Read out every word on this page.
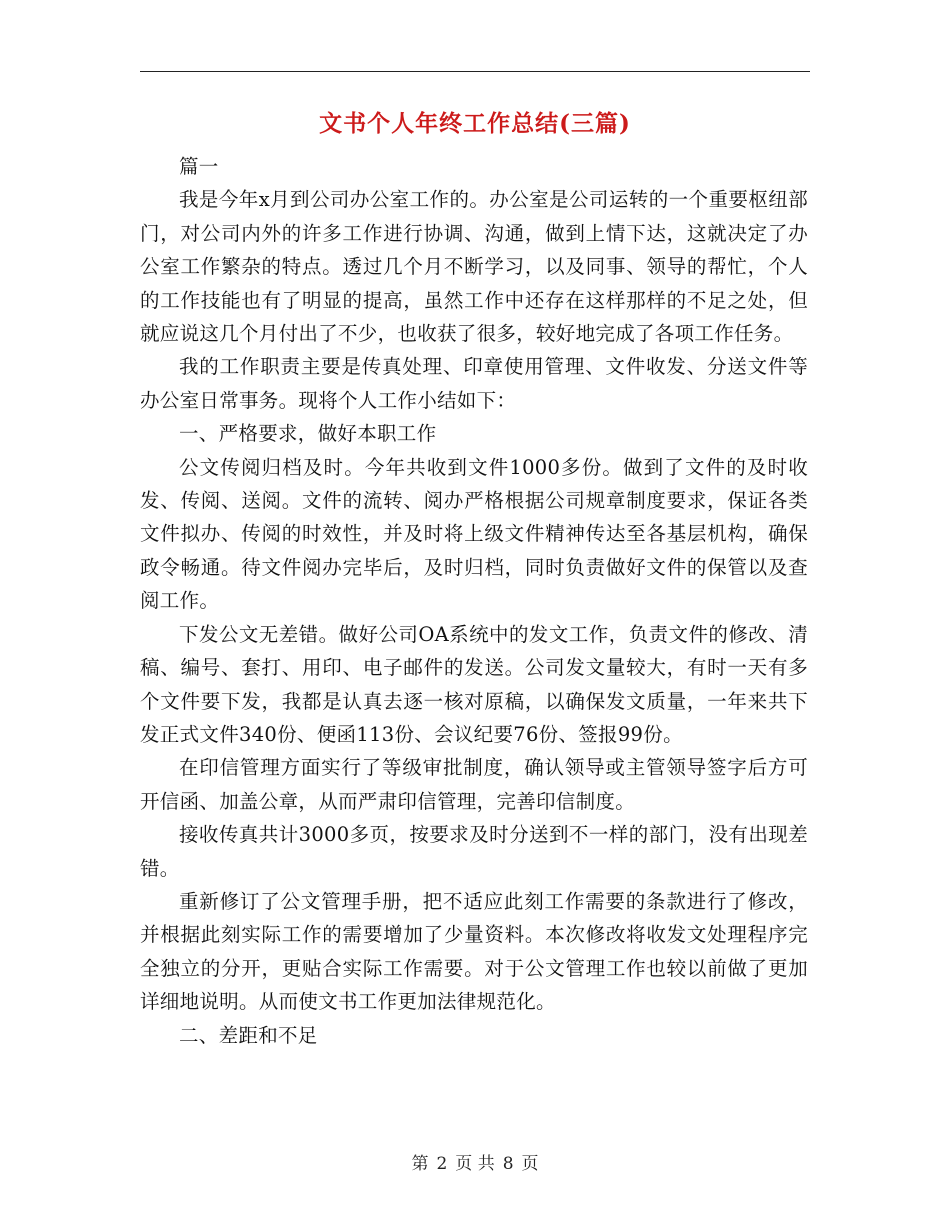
文书个人年终工作总结(三篇)

篇一

我是今年x月到公司办公室工作的。办公室是公司运转的一个重要枢纽部门，对公司内外的许多工作进行协调、沟通，做到上情下达，这就决定了办公室工作繁杂的特点。透过几个月不断学习，以及同事、领导的帮忙，个人的工作技能也有了明显的提高，虽然工作中还存在这样那样的不足之处，但就应说这几个月付出了不少，也收获了很多，较好地完成了各项工作任务。

我的工作职责主要是传真处理、印章使用管理、文件收发、分送文件等办公室日常事务。现将个人工作小结如下：

一、严格要求，做好本职工作

公文传阅归档及时。今年共收到文件1000多份。做到了文件的及时收发、传阅、送阅。文件的流转、阅办严格根据公司规章制度要求，保证各类文件拟办、传阅的时效性，并及时将上级文件精神传达至各基层机构，确保政令畅通。待文件阅办完毕后，及时归档，同时负责做好文件的保管以及查阅工作。

下发公文无差错。做好公司OA系统中的发文工作，负责文件的修改、清稿、编号、套打、用印、电子邮件的发送。公司发文量较大，有时一天有多个文件要下发，我都是认真去逐一核对原稿，以确保发文质量，一年来共下发正式文件340份、便函113份、会议纪要76份、签报99份。

在印信管理方面实行了等级审批制度，确认领导或主管领导签字后方可开信函、加盖公章，从而严肃印信管理，完善印信制度。

接收传真共计3000多页，按要求及时分送到不一样的部门，没有出现差错。

重新修订了公文管理手册，把不适应此刻工作需要的条款进行了修改，并根据此刻实际工作的需要增加了少量资料。本次修改将收发文处理程序完全独立的分开，更贴合实际工作需要。对于公文管理工作也较以前做了更加详细地说明。从而使文书工作更加法律规范化。

二、差距和不足

第 2 页 共 8 页
